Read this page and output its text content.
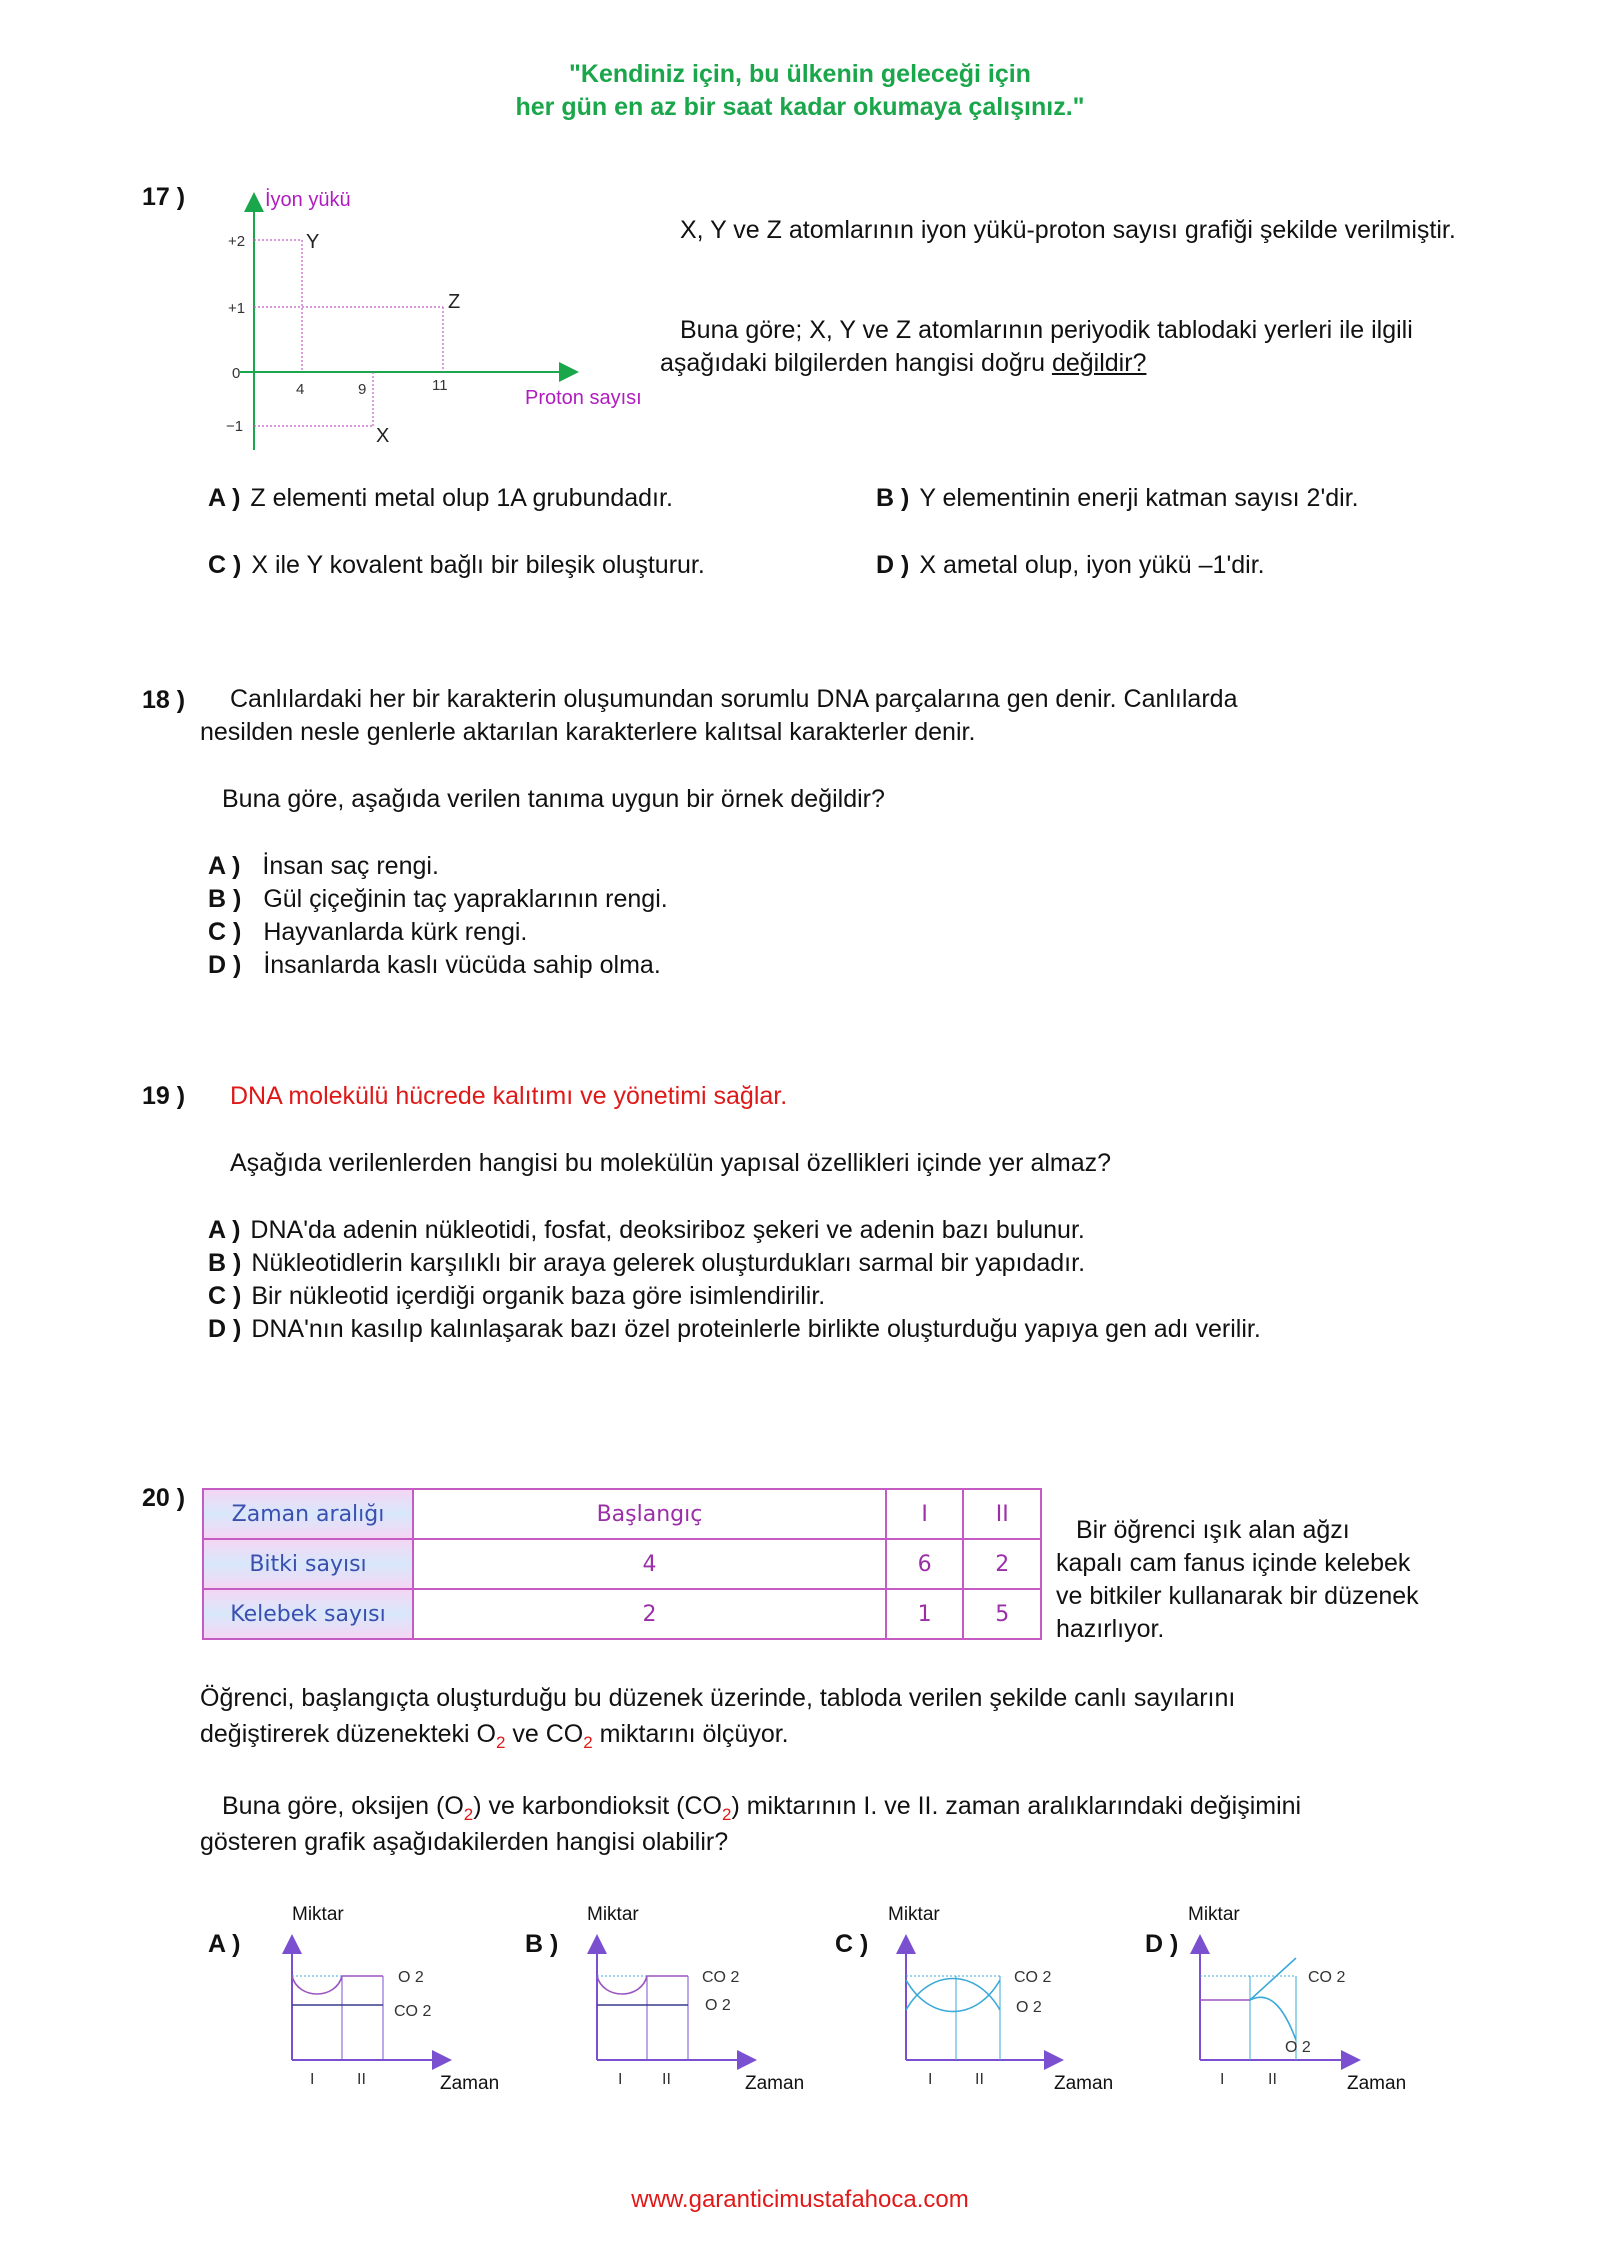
"Kendiniz için, bu ülkenin geleceği için
her gün en az bir saat kadar okumaya çalışınız."
17 )	İyon yükü
Proton sayısı
+2
+1
0
−1
4	9	11
Y
Z
X
X, Y ve Z atomlarının iyon yükü-proton sayısı grafiği şekilde verilmiştir.
Buna göre; X, Y ve Z atomlarının periyodik tablodaki yerleri ile ilgili aşağıdaki bilgilerden hangisi doğru değildir?
A ) Z elementi metal olup 1A grubundadır.	B ) Y elementinin enerji katman sayısı 2'dir.
C ) X ile Y kovalent bağlı bir bileşik oluşturur.	D ) X ametal olup, iyon yükü –1'dir.
18 ) Canlılardaki her bir karakterin oluşumundan sorumlu DNA parçalarına gen denir. Canlılarda
nesilden nesle genlerle aktarılan karakterlere kalıtsal karakterler denir.
Buna göre, aşağıda verilen tanıma uygun bir örnek değildir?
A ) İnsan saç rengi.
B ) Gül çiçeğinin taç yapraklarının rengi.
C ) Hayvanlarda kürk rengi.
D ) İnsanlarda kaslı vücüda sahip olma.
19 ) DNA molekülü hücrede kalıtımı ve yönetimi sağlar.
Aşağıda verilenlerden hangisi bu molekülün yapısal özellikleri içinde yer almaz?
A ) DNA'da adenin nükleotidi, fosfat, deoksiriboz şekeri ve adenin bazı bulunur.
B ) Nükleotidlerin karşılıklı bir araya gelerek oluşturdukları sarmal bir yapıdadır.
C ) Bir nükleotid içerdiği organik baza göre isimlendirilir.
D ) DNA'nın kasılıp kalınlaşarak bazı özel proteinlerle birlikte oluşturduğu yapıya gen adı verilir.
20 )
Zaman aralığı	Başlangıç	I	II
Bitki sayısı	4	6	2
Kelebek sayısı	2	1	5
Bir öğrenci ışık alan ağzı
kapalı cam fanus içinde kelebek
ve bitkiler kullanarak bir düzenek
hazırlıyor.
Öğrenci, başlangıçta oluşturduğu bu düzenek üzerinde, tabloda verilen şekilde canlı sayılarını
değiştirerek düzenekteki $O_2$ ve $CO_2$ miktarını ölçüyor.
Buna göre, oksijen $(O_2)$ ve karbondioksit $(CO_2)$ miktarının I. ve II. zaman aralıklarındaki değişimini
gösteren grafik aşağıdakilerden hangisi olabilir?
A )
Miktar
O 2
CO 2
I	II	Zaman
B )
Miktar
CO 2
O 2
I II	Zaman
C )
Miktar
CO 2
O 2
I	II	Zaman
D )
Miktar
CO 2
O 2
I	II	Zaman
www.garanticimustafahoca.com
